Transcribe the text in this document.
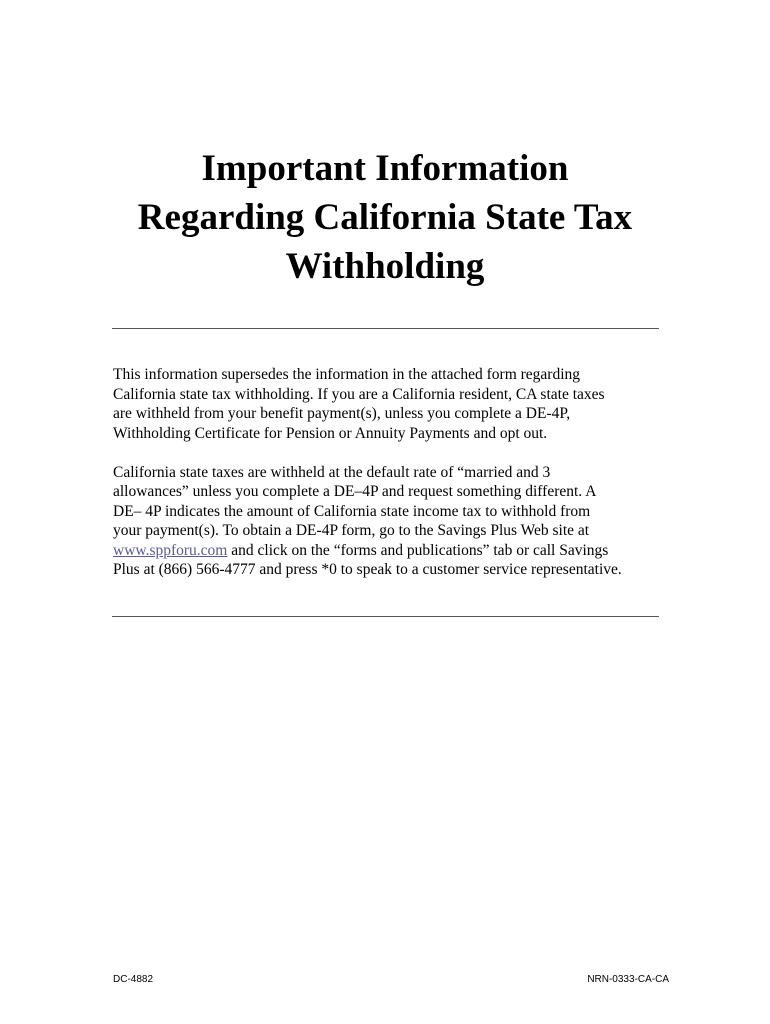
Important Information
Regarding California State Tax
Withholding

This information supersedes the information in the attached form regarding
California state tax withholding. If you are a California resident, CA state taxes
are withheld from your benefit payment(s), unless you complete a DE-4P,
Withholding Certificate for Pension or Annuity Payments and opt out.

California state taxes are withheld at the default rate of “married and 3
allowances” unless you complete a DE–4P and request something different. A
DE– 4P indicates the amount of California state income tax to withhold from
your payment(s). To obtain a DE-4P form, go to the Savings Plus Web site at
www.sppforu.com and click on the “forms and publications” tab or call Savings
Plus at (866) 566-4777 and press *0 to speak to a customer service representative.

DC-4882	NRN-0333-CA-CA
